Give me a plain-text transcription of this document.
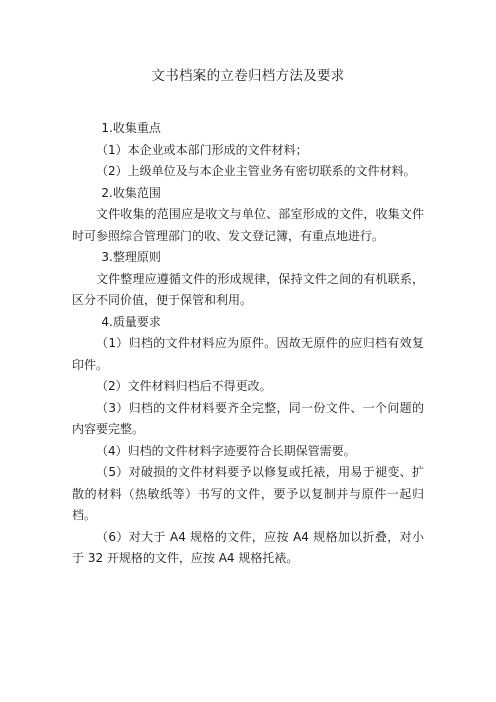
文书档案的立卷归档方法及要求

1.收集重点

（1）本企业或本部门形成的文件材料；

（2）上级单位及与本企业主管业务有密切联系的文件材料。

2.收集范围

文件收集的范围应是收文与单位、部室形成的文件，收集文件时可参照综合管理部门的收、发文登记簿，有重点地进行。

3.整理原则

文件整理应遵循文件的形成规律，保持文件之间的有机联系，区分不同价值，便于保管和利用。

4.质量要求

（1）归档的文件材料应为原件。因故无原件的应归档有效复印件。

（2）文件材料归档后不得更改。

（3）归档的文件材料要齐全完整，同一份文件、一个问题的内容要完整。

（4）归档的文件材料字迹要符合长期保管需要。

（5）对破损的文件材料要予以修复或托裱，用易于褪变、扩散的材料（热敏纸等）书写的文件，要予以复制并与原件一起归档。

（6）对大于 A4 规格的文件，应按 A4 规格加以折叠，对小于 32 开规格的文件，应按 A4 规格托裱。
